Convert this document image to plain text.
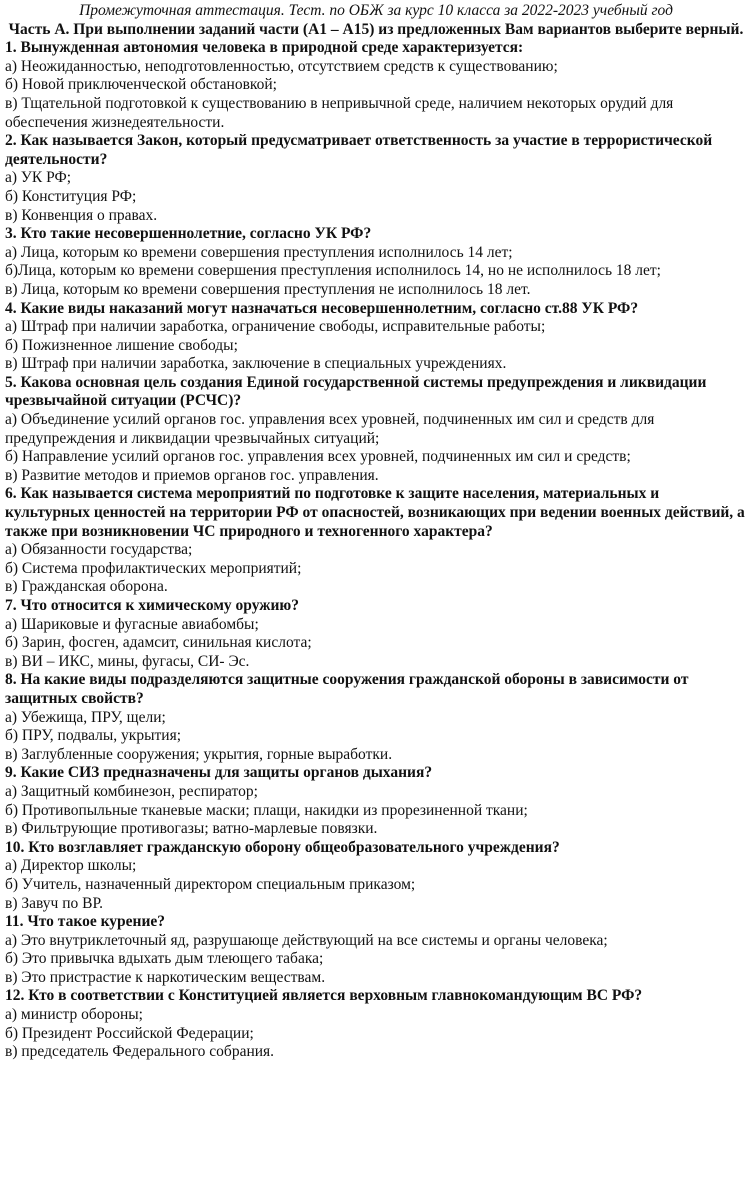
Промежуточная аттестация. Тест. по ОБЖ за курс 10 класса за 2022-2023 учебный год
Часть А. При выполнении заданий части (А1 – А15) из предложенных Вам вариантов выберите верный.
1. Вынужденная автономия человека в природной среде характеризуется:
а) Неожиданностью, неподготовленностью, отсутствием средств к существованию;
б) Новой приключенческой обстановкой;
в) Тщательной подготовкой к существованию в непривычной среде, наличием некоторых орудий для обеспечения жизнедеятельности.
2. Как называется Закон, который предусматривает ответственность за участие в террористической деятельности?
а) УК РФ;
б) Конституция РФ;
в) Конвенция о правах.
3. Кто такие несовершеннолетние, согласно УК РФ?
а) Лица, которым ко времени совершения преступления исполнилось 14 лет;
б)Лица, которым ко времени совершения преступления исполнилось 14, но не исполнилось 18 лет;
в) Лица, которым ко времени совершения преступления не исполнилось 18 лет.
4. Какие виды наказаний могут назначаться несовершеннолетним, согласно ст.88 УК РФ?
а) Штраф при наличии заработка, ограничение свободы, исправительные работы;
б) Пожизненное лишение свободы;
в) Штраф при наличии заработка, заключение в специальных учреждениях.
5. Какова основная цель создания Единой государственной системы предупреждения и ликвидации чрезвычайной ситуации (РСЧС)?
а) Объединение усилий органов гос. управления всех уровней, подчиненных им сил и средств для предупреждения и ликвидации чрезвычайных ситуаций;
б) Направление усилий органов гос. управления всех уровней, подчиненных им сил и средств;
в) Развитие методов и приемов органов гос. управления.
6. Как называется система мероприятий по подготовке к защите населения, материальных и культурных ценностей на территории РФ от опасностей, возникающих при ведении военных действий, а также при возникновении ЧС природного и техногенного характера?
а) Обязанности государства;
б) Система профилактических мероприятий;
в) Гражданская оборона.
7. Что относится к химическому оружию?
а) Шариковые и фугасные авиабомбы;
б) Зарин, фосген, адамсит, синильная кислота;
в) ВИ – ИКС, мины, фугасы, СИ- Эс.
8. На какие виды подразделяются защитные сооружения гражданской обороны в зависимости от защитных свойств?
а) Убежища, ПРУ, щели;
б) ПРУ, подвалы, укрытия;
в) Заглубленные сооружения; укрытия, горные выработки.
9. Какие СИЗ предназначены для защиты органов дыхания?
а) Защитный комбинезон, респиратор;
б) Противопыльные тканевые маски; плащи, накидки из прорезиненной ткани;
в) Фильтрующие противогазы; ватно-марлевые повязки.
10. Кто возглавляет гражданскую оборону общеобразовательного учреждения?
а) Директор школы;
б) Учитель, назначенный директором специальным приказом;
в) Завуч по ВР.
11. Что такое курение?
а) Это внутриклеточный яд, разрушающе действующий на все системы и органы человека;
б) Это привычка вдыхать дым тлеющего табака;
в) Это пристрастие к наркотическим веществам.
12. Кто в соответствии с Конституцией является верховным главнокомандующим ВС РФ?
а) министр обороны;
б) Президент Российской Федерации;
в) председатель Федерального собрания.
